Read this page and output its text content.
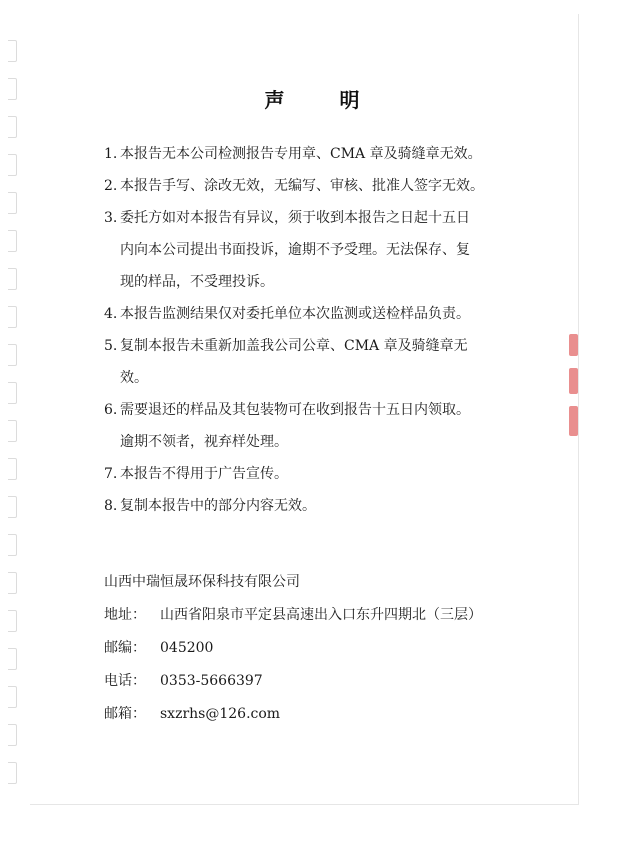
声 明
1. 本报告无本公司检测报告专用章、CMA 章及骑缝章无效。
2. 本报告手写、涂改无效，无编写、审核、批准人签字无效。
3. 委托方如对本报告有异议，须于收到本报告之日起十五日
内向本公司提出书面投诉，逾期不予受理。无法保存、复
现的样品，不受理投诉。
4. 本报告监测结果仅对委托单位本次监测或送检样品负责。
5. 复制本报告未重新加盖我公司公章、CMA 章及骑缝章无
效。
6. 需要退还的样品及其包装物可在收到报告十五日内领取。
逾期不领者，视弃样处理。
7. 本报告不得用于广告宣传。
8. 复制本报告中的部分内容无效。
山西中瑞恒晟环保科技有限公司
地址： 山西省阳泉市平定县高速出入口东升四期北（三层）
邮编： 045200
电话： 0353-5666397
邮箱： sxzrhs@126.com
